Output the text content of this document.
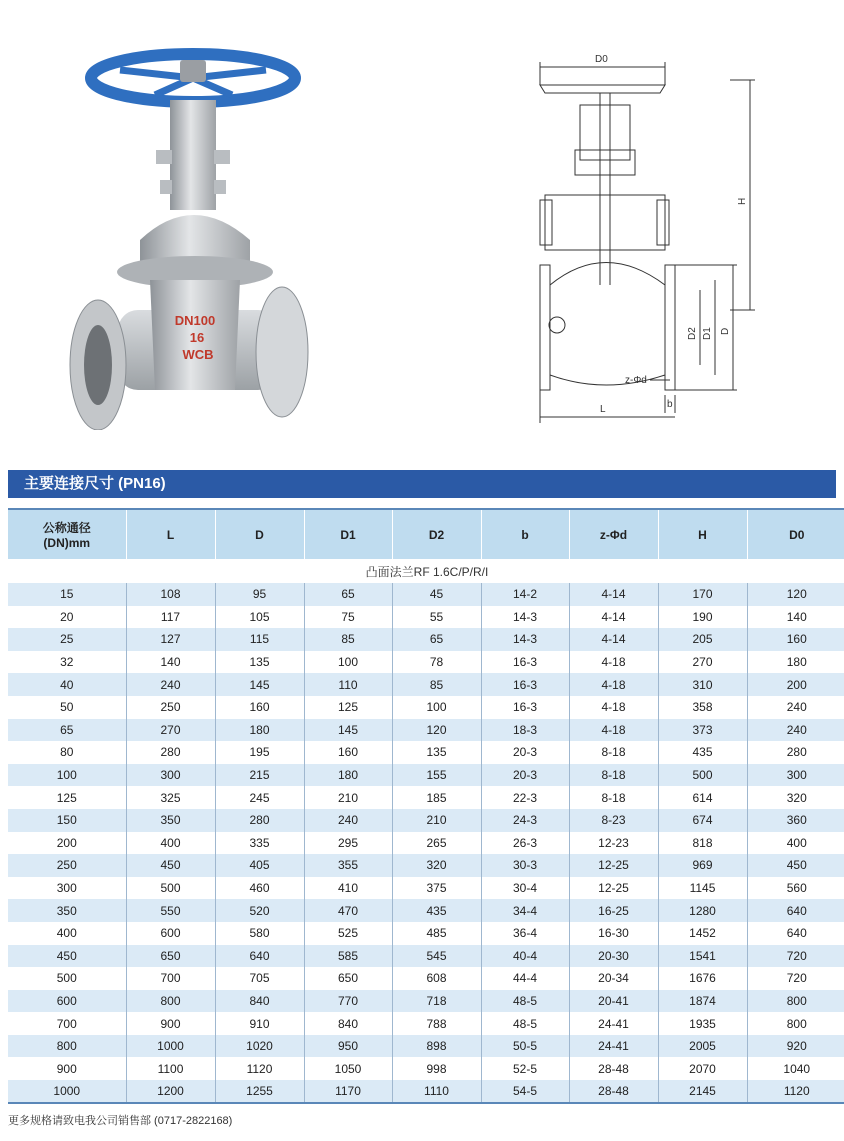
DN100
16
WCB
D0
H
D2 D1 D
z-Φd
b
L
主要连接尺寸 (PN16)
公称通径
(DN)mm	L	D	D1	D2	b	z-Φd	H	D0
凸面法兰RF 1.6C/P/R/I								
15	108	95	65	45	14-2	4-14	170	120
20	117	105	75	55	14-3	4-14	190	140
25	127	115	85	65	14-3	4-14	205	160
32	140	135	100	78	16-3	4-18	270	180
40	240	145	110	85	16-3	4-18	310	200
50	250	160	125	100	16-3	4-18	358	240
65	270	180	145	120	18-3	4-18	373	240
80	280	195	160	135	20-3	8-18	435	280
100	300	215	180	155	20-3	8-18	500	300
125	325	245	210	185	22-3	8-18	614	320
150	350	280	240	210	24-3	8-23	674	360
200	400	335	295	265	26-3	12-23	818	400
250	450	405	355	320	30-3	12-25	969	450
300	500	460	410	375	30-4	12-25	1145	560
350	550	520	470	435	34-4	16-25	1280	640
400	600	580	525	485	36-4	16-30	1452	640
450	650	640	585	545	40-4	20-30	1541	720
500	700	705	650	608	44-4	20-34	1676	720
600	800	840	770	718	48-5	20-41	1874	800
700	900	910	840	788	48-5	24-41	1935	800
800	1000	1020	950	898	50-5	24-41	2005	920
900	1100	1120	1050	998	52-5	28-48	2070	1040
1000	1200	1255	1170	1110	54-5	28-48	2145	1120
更多规格请致电我公司销售部 (0717-2822168)
